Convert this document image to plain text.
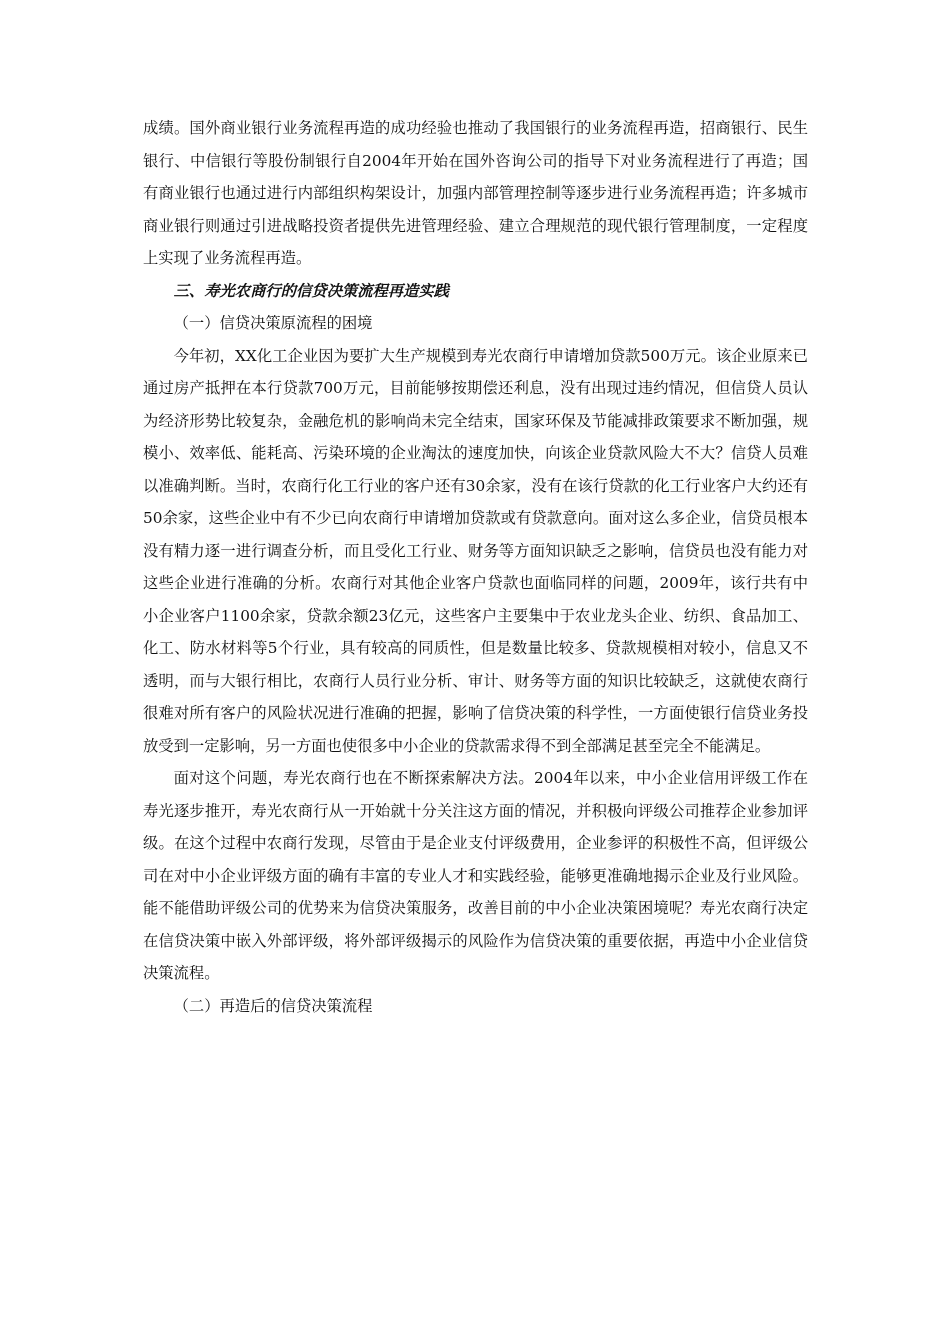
成绩。国外商业银行业务流程再造的成功经验也推动了我国银行的业务流程再造，招商银行、民生银行、中信银行等股份制银行自2004年开始在国外咨询公司的指导下对业务流程进行了再造；国有商业银行也通过进行内部组织构架设计，加强内部管理控制等逐步进行业务流程再造；许多城市商业银行则通过引进战略投资者提供先进管理经验、建立合理规范的现代银行管理制度，一定程度上实现了业务流程再造。

三、寿光农商行的信贷决策流程再造实践

（一）信贷决策原流程的困境

今年初，XX化工企业因为要扩大生产规模到寿光农商行申请增加贷款500万元。该企业原来已通过房产抵押在本行贷款700万元，目前能够按期偿还利息，没有出现过违约情况，但信贷人员认为经济形势比较复杂，金融危机的影响尚未完全结束，国家环保及节能减排政策要求不断加强，规模小、效率低、能耗高、污染环境的企业淘汰的速度加快，向该企业贷款风险大不大？信贷人员难以准确判断。当时，农商行化工行业的客户还有30余家，没有在该行贷款的化工行业客户大约还有50余家，这些企业中有不少已向农商行申请增加贷款或有贷款意向。面对这么多企业，信贷员根本没有精力逐一进行调查分析，而且受化工行业、财务等方面知识缺乏之影响，信贷员也没有能力对这些企业进行准确的分析。农商行对其他企业客户贷款也面临同样的问题，2009年，该行共有中小企业客户1100余家，贷款余额23亿元，这些客户主要集中于农业龙头企业、纺织、食品加工、化工、防水材料等5个行业，具有较高的同质性，但是数量比较多、贷款规模相对较小，信息又不透明，而与大银行相比，农商行人员行业分析、审计、财务等方面的知识比较缺乏，这就使农商行很难对所有客户的风险状况进行准确的把握，影响了信贷决策的科学性，一方面使银行信贷业务投放受到一定影响，另一方面也使很多中小企业的贷款需求得不到全部满足甚至完全不能满足。

面对这个问题，寿光农商行也在不断探索解决方法。2004年以来，中小企业信用评级工作在寿光逐步推开，寿光农商行从一开始就十分关注这方面的情况，并积极向评级公司推荐企业参加评级。在这个过程中农商行发现，尽管由于是企业支付评级费用，企业参评的积极性不高，但评级公司在对中小企业评级方面的确有丰富的专业人才和实践经验，能够更准确地揭示企业及行业风险。能不能借助评级公司的优势来为信贷决策服务，改善目前的中小企业决策困境呢？寿光农商行决定在信贷决策中嵌入外部评级，将外部评级揭示的风险作为信贷决策的重要依据，再造中小企业信贷决策流程。

（二）再造后的信贷决策流程
